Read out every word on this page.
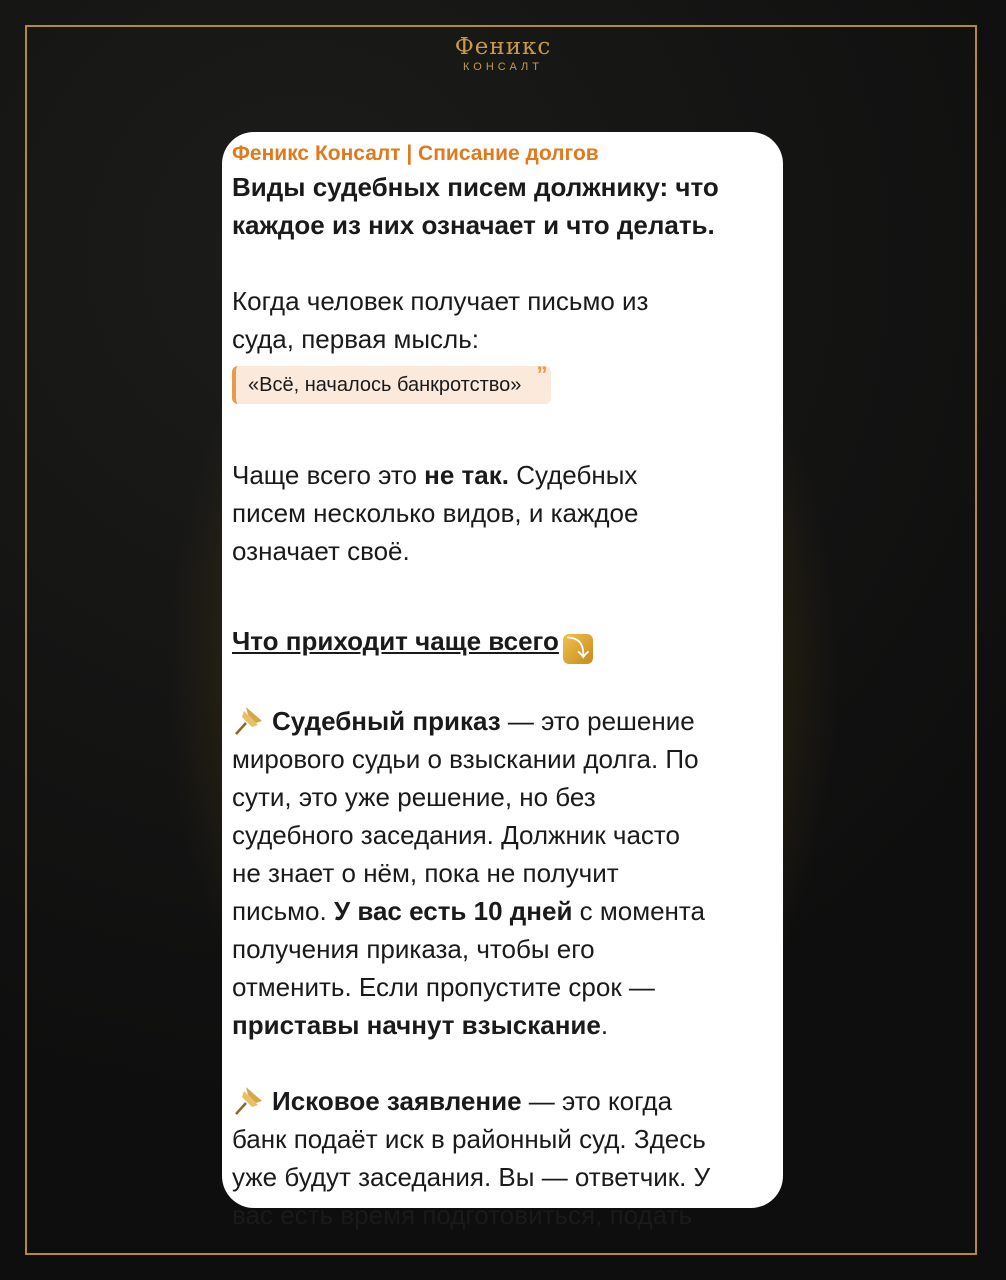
Феникс
КОНСАЛТ
Феникс Консалт | Списание долгов
Виды судебных писем должнику: что
каждое из них означает и что делать.
Когда человек получает письмо из
суда, первая мысль:
«Всё, началось банкротство» ”
Чаще всего это не так. Судебных
писем несколько видов, и каждое
означает своё.
Что приходит чаще всего ⤵
Судебный приказ — это решение
мирового судьи о взыскании долга. По
сути, это уже решение, но без
судебного заседания. Должник часто
не знает о нём, пока не получит
письмо. У вас есть 10 дней с момента
получения приказа, чтобы его
отменить. Если пропустите срок —
приставы начнут взыскание.
Исковое заявление — это когда
банк подаёт иск в районный суд. Здесь
уже будут заседания. Вы — ответчик. У
вас есть время подготовиться, подать
